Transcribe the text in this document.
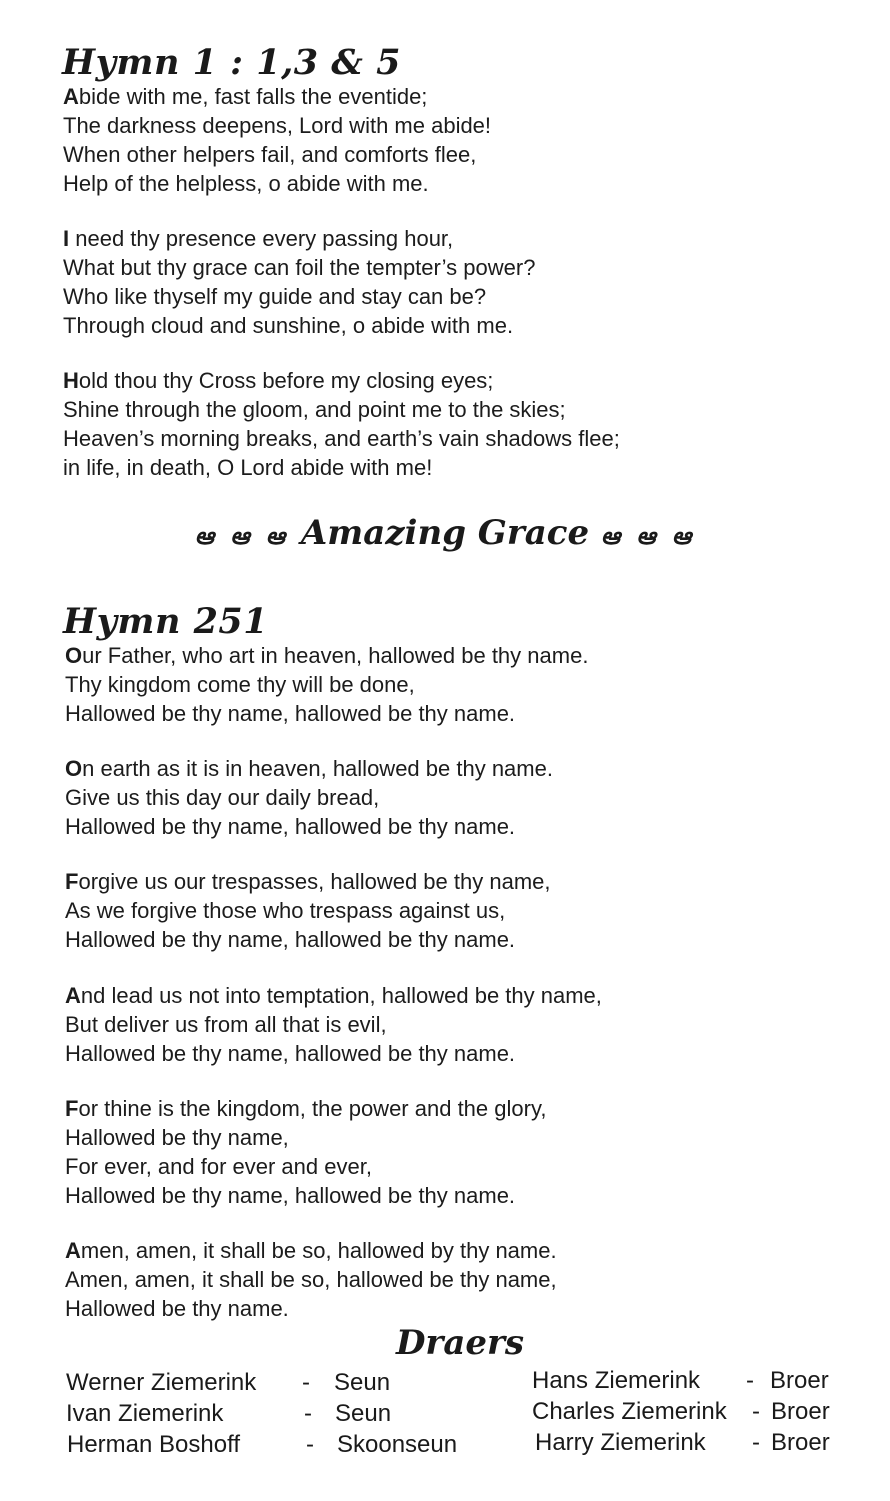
Hymn 1 : 1,3 & 5
Abide with me, fast falls the eventide;
The darkness deepens, Lord with me abide!
When other helpers fail, and comforts flee,
Help of the helpless, o abide with me.
I need thy presence every passing hour,
What but thy grace can foil the tempter’s power?
Who like thyself my guide and stay can be?
Through cloud and sunshine, o abide with me.
Hold thou thy Cross before my closing eyes;
Shine through the gloom, and point me to the skies;
Heaven’s morning breaks, and earth’s vain shadows flee;
in life, in death, O Lord abide with me!
ఆ ఆ ఆ Amazing Grace ఆ ఆ ఆ
Hymn 251
Our Father, who art in heaven, hallowed be thy name.
Thy kingdom come thy will be done,
Hallowed be thy name, hallowed be thy name.
On earth as it is in heaven, hallowed be thy name.
Give us this day our daily bread,
Hallowed be thy name, hallowed be thy name.
Forgive us our trespasses, hallowed be thy name,
As we forgive those who trespass against us,
Hallowed be thy name, hallowed be thy name.
And lead us not into temptation, hallowed be thy name,
But deliver us from all that is evil,
Hallowed be thy name, hallowed be thy name.
For thine is the kingdom, the power and the glory,
Hallowed be thy name,
For ever, and for ever and ever,
Hallowed be thy name, hallowed be thy name.
Amen, amen, it shall be so, hallowed by thy name.
Amen, amen, it shall be so, hallowed be thy name,
Hallowed be thy name.
Draers
Werner Ziemerink - Seun
Ivan Ziemerink	- Seun
Herman Boshoff	- Skoonseun
Hans Ziemerink - Broer
Charles Ziemerink - Broer
Harry Ziemerink - Broer
